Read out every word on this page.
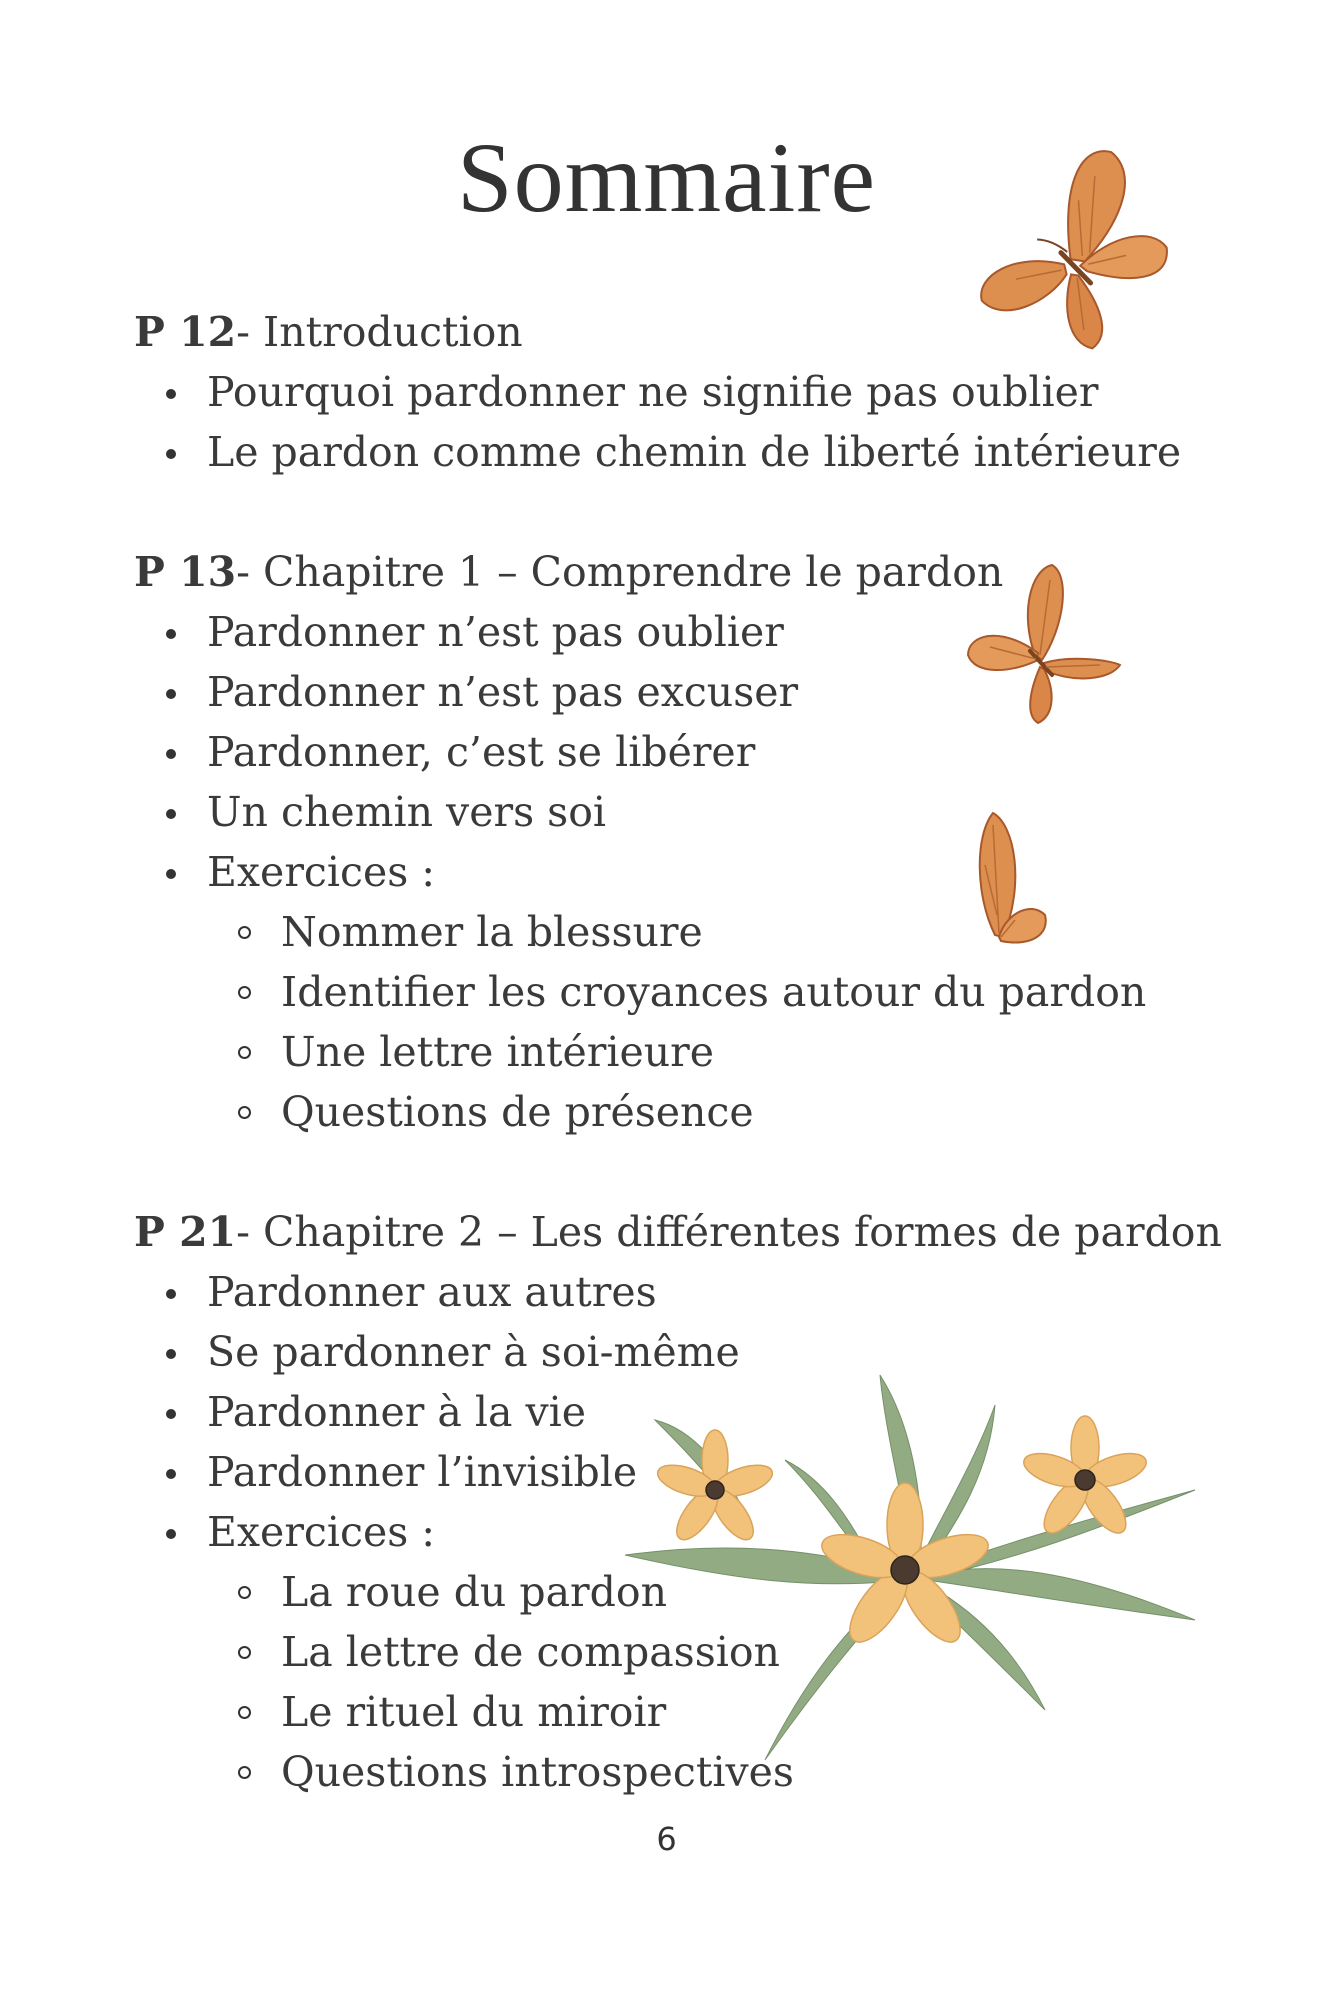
Sommaire
P 12- Introduction
Pourquoi pardonner ne signifie pas oublier
Le pardon comme chemin de liberté intérieure
P 13- Chapitre 1 – Comprendre le pardon
Pardonner n’est pas oublier
Pardonner n’est pas excuser
Pardonner, c’est se libérer
Un chemin vers soi
Exercices :
Nommer la blessure
Identifier les croyances autour du pardon
Une lettre intérieure
Questions de présence
P 21- Chapitre 2 – Les différentes formes de pardon
Pardonner aux autres
Se pardonner à soi-même
Pardonner à la vie
Pardonner l’invisible
Exercices :
La roue du pardon
La lettre de compassion
Le rituel du miroir
Questions introspectives
6
